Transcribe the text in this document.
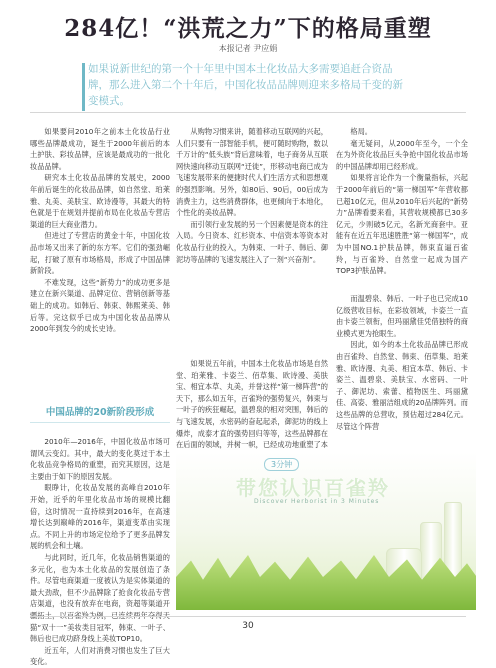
284亿！“洪荒之力”下的格局重塑
本报记者 尹应娟

如果说新世纪的第一个十年里中国本土化妆品大多需要追赶合资品牌，那么进入第二个十年后，中国化妆品品牌则迎来多格局千变的新变模式。

如果要问2010年之前本土化妆品行业哪些品牌最成功，诞生于2000年前后的本土护肤、彩妆品牌，应该是最成功的一批化妆品品牌。

研究本土化妆品品牌的发展史，2000年前后诞生的化妆品品牌，如自然堂、珀莱雅、丸美、美肤宝、欧诗漫等，其最大的特色就是于在规划并提前布局在化妆品专营店渠道的巨大商业潜力。

但进过了专营店的黄金十年，中国化妆品市场又出来了新的东方军。它们的强劲崛起，打破了原有市场格局，形成了中国品牌新阶段。

不难发现，这些“新势力”的成功更多是建立在新兴渠道、品牌定位、营销创新等基础上的成功。如韩后、韩束、韩熙莱美、韩后等。完这似乎已成为中国化妆品品牌从2000年到发今的成长史诗。

中国品牌的20新阶段形成

2010年—2016年，中国化妆品市场可谓风云变幻。其中，最大的变化莫过于本土化妆品竞争格局的重塑，而究其原因，这是主要由于如下的原因发展。

眼睁计，化妆品发展的高峰自2010年开始，近乎的年里化妆品市场的规模比翻倍，这时情况一直持续到2016年，在高速增长达到巅峰的2016年，渠道变革由实现点。不同上升的市场定位给予了更多品牌发展的机会和土壤。

与此同时，近几年，化妆品销售渠道的多元化，也为本土化妆品的发展创造了条件。尽管电商渠道一度被认为是实体渠道的最大劲敌，但不少品牌除了抢食化妆品专营店渠道，也没有放弃在电商，资超等渠道开 猫“双十一”美妆类目冠军，韩束、一叶子、韩后也已成功跻身线上美妆TOP10。

近五年，人们对消费习惯也发生了巨大变化。

从购物习惯来讲，随着移动互联网的兴起，人们只要有一部智能手机，便可随时购物，数以千万计的“低头族”背后意味着，电子商务从互联网快速向移动互联网“迁徙”，形移动电商已成为飞速发展带来的便捷时代人们生活方式和思想观的强烈影响。另外，如80后、90后，00后成为消费主力，这些消费群体，也更倾向于本地化，个性化的美妆品牌。

而引领行业发展的另一个因素便是资本的注入局。今日资本、红杉资本、中信资本等资本对化妆品行业的投入，为韩束、一叶子、韩后、御泥坊等品牌的飞速发展注入了一剂“兴奋剂”。

如果说五年前，中国本土化妆品市场是自然堂、珀莱雅、卡姿兰、佰草集、欧诗漫、美肤宝、相宜本草、丸美，并誉这样“第一梯阵营”的天下，那么如五年，百雀羚的强势复兴，韩束与一叶子的疾狂崛起，温碧泉的相对突围，韩后的与飞速发展，水密码的奋起起杀，御泥坊的线上爆炸，成泰才直的强势回归等等，这些品牌都在在后面的领域，并树一帜，已经成功地重塑了本

格局。

毫无疑问，从2000年至今，一个全在为外资化妆品巨头争抢中国化妆品市场的中国品牌却用已经形成。

如果将言论作为一个衡量指标，兴起于2000年前后的“第一梯国军”年营收都已超10亿元，但从2010年后兴起的“新势力”品牌看要来看，其营收规模都已30多亿元，少则破5亿元，名新光商套中。亚能有在近五年迅速胜胜“第一梯国军”，成为中国NO.1护肤品牌，韩束直逼百雀羚，与百雀羚、自然堂一起成为国产TOP3护肤品牌。

而温碧泉、韩后、一叶子也已完成10亿级营收目标，在彩妆领域，卡姿兰一直由卡姿兰领衔，但玛丽黛佳凭借独特的商业模式更为抢眼生。

因此，如今的本土化妆品品牌已形成由百雀羚、自然堂、韩束、佰草集、珀莱雅、欧诗漫、丸美、相宜本草、韩后、卡姿兰、温碧泉、美肤宝、水密码、一叶子、御泥坊、索蕾、植物医生、玛丽黛佳、高姿、雅丽洁组成的20品牌阵列。而这些品牌的总营收，预估超过284亿元。尽管这个阵营

3分钟
带您认识百雀羚
Discover Herborist in 3 Minutes
30
